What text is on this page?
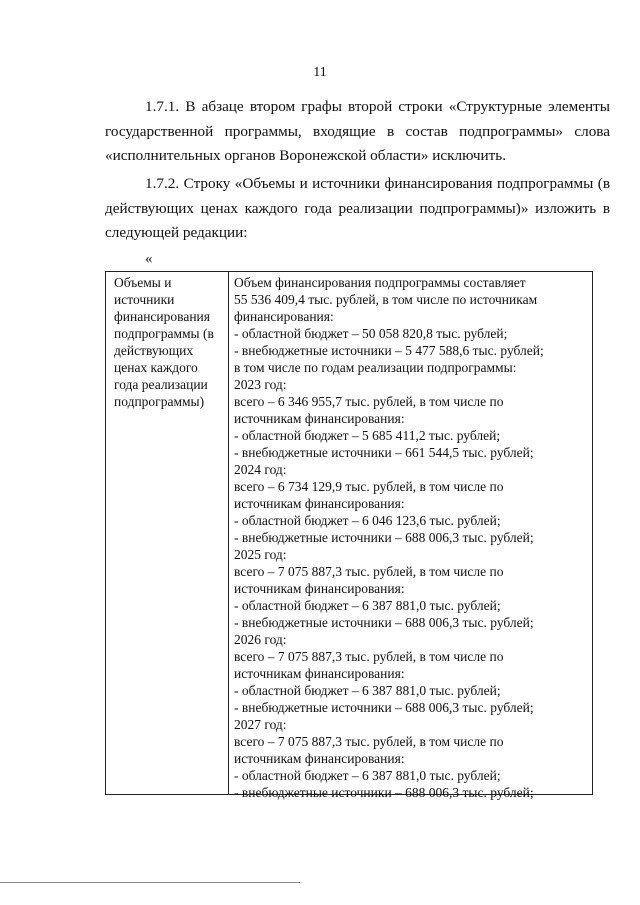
11

1.7.1. В абзаце втором графы второй строки «Структурные элементы государственной программы, входящие в состав подпрограммы» слова «исполнительных органов Воронежской области» исключить.

1.7.2. Строку «Объемы и источники финансирования подпрограммы (в действующих ценах каждого года реализации подпрограммы)» изложить в следующей редакции:

«
Объемы и
источники
финансирования
подпрограммы (в
действующих
ценах каждого
года реализации
подпрограммы)
Объем финансирования подпрограммы составляет
55 536 409,4 тыс. рублей, в том числе по источникам
финансирования:
- областной бюджет – 50 058 820,8 тыс. рублей;
- внебюджетные источники – 5 477 588,6 тыс. рублей;
в том числе по годам реализации подпрограммы:
2023 год:
всего – 6 346 955,7 тыс. рублей, в том числе по
источникам финансирования:
- областной бюджет – 5 685 411,2 тыс. рублей;
- внебюджетные источники – 661 544,5 тыс. рублей;
2024 год:
всего – 6 734 129,9 тыс. рублей, в том числе по
источникам финансирования:
- областной бюджет – 6 046 123,6 тыс. рублей;
- внебюджетные источники – 688 006,3 тыс. рублей;
2025 год:
всего – 7 075 887,3 тыс. рублей, в том числе по
источникам финансирования:
- областной бюджет – 6 387 881,0 тыс. рублей;
- внебюджетные источники – 688 006,3 тыс. рублей;
2026 год:
всего – 7 075 887,3 тыс. рублей, в том числе по
источникам финансирования:
- областной бюджет – 6 387 881,0 тыс. рублей;
- внебюджетные источники – 688 006,3 тыс. рублей;
2027 год:
всего – 7 075 887,3 тыс. рублей, в том числе по
источникам финансирования:
- областной бюджет – 6 387 881,0 тыс. рублей;
- внебюджетные источники – 688 006,3 тыс. рублей;
